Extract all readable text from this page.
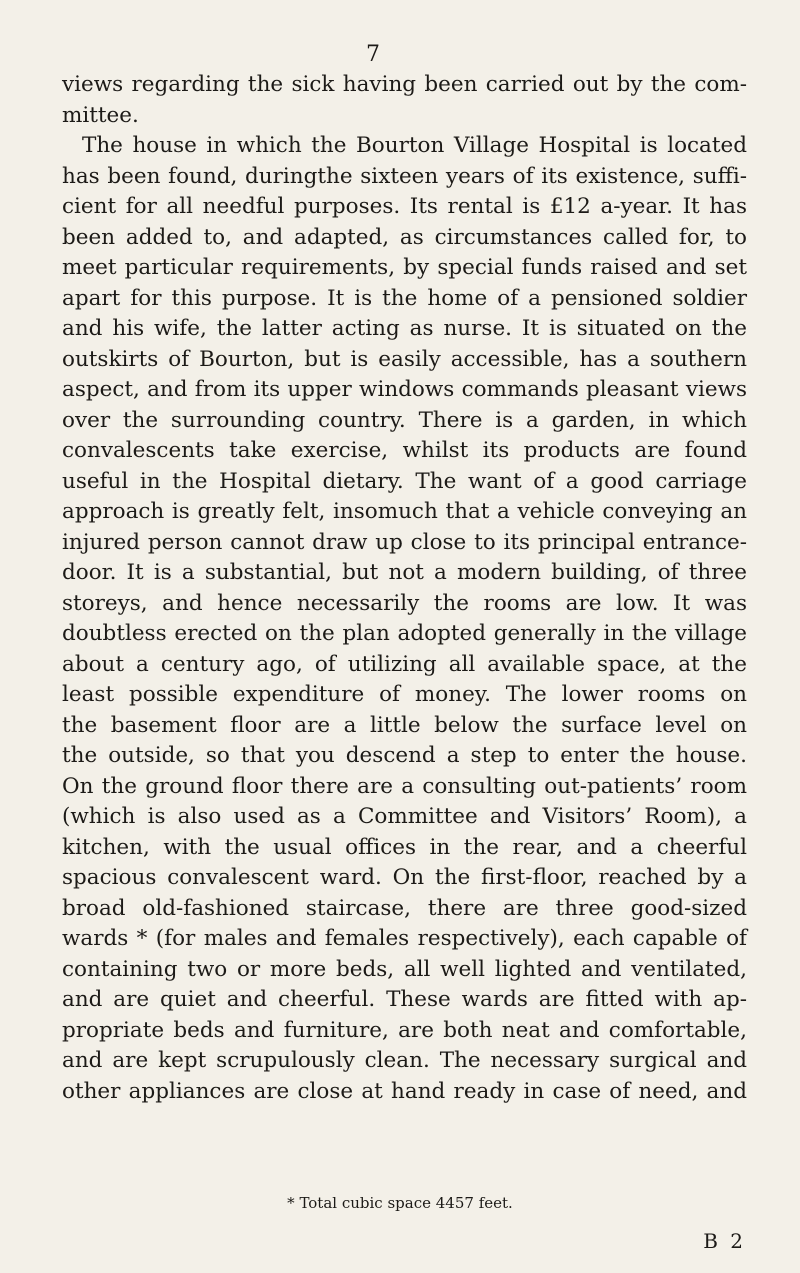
7
views regarding the sick having been carried out by the com-
mittee.
The house in which the Bourton Village Hospital is located
has been found, duringthe sixteen years of its existence, suffi-
cient for all needful purposes. Its rental is £12 a-year. It has
been added to, and adapted, as circumstances called for, to
meet particular requirements, by special funds raised and set
apart for this purpose. It is the home of a pensioned soldier
and his wife, the latter acting as nurse. It is situated on the
outskirts of Bourton, but is easily accessible, has a southern
aspect, and from its upper windows commands pleasant views
over the surrounding country. There is a garden, in which
convalescents take exercise, whilst its products are found
useful in the Hospital dietary. The want of a good carriage
approach is greatly felt, insomuch that a vehicle conveying an
injured person cannot draw up close to its principal entrance-
door. It is a substantial, but not a modern building, of three
storeys, and hence necessarily the rooms are low. It was
doubtless erected on the plan adopted generally in the village
about a century ago, of utilizing all available space, at the
least possible expenditure of money. The lower rooms on
the basement floor are a little below the surface level on
the outside, so that you descend a step to enter the house.
On the ground floor there are a consulting out-patients’ room
(which is also used as a Committee and Visitors’ Room), a
kitchen, with the usual offices in the rear, and a cheerful
spacious convalescent ward. On the first-floor, reached by a
broad old-fashioned staircase, there are three good-sized
wards * (for males and females respectively), each capable of
containing two or more beds, all well lighted and ventilated,
and are quiet and cheerful. These wards are fitted with ap-
propriate beds and furniture, are both neat and comfortable,
and are kept scrupulously clean. The necessary surgical and
other appliances are close at hand ready in case of need, and
* Total cubic space 4457 feet.
B 2
